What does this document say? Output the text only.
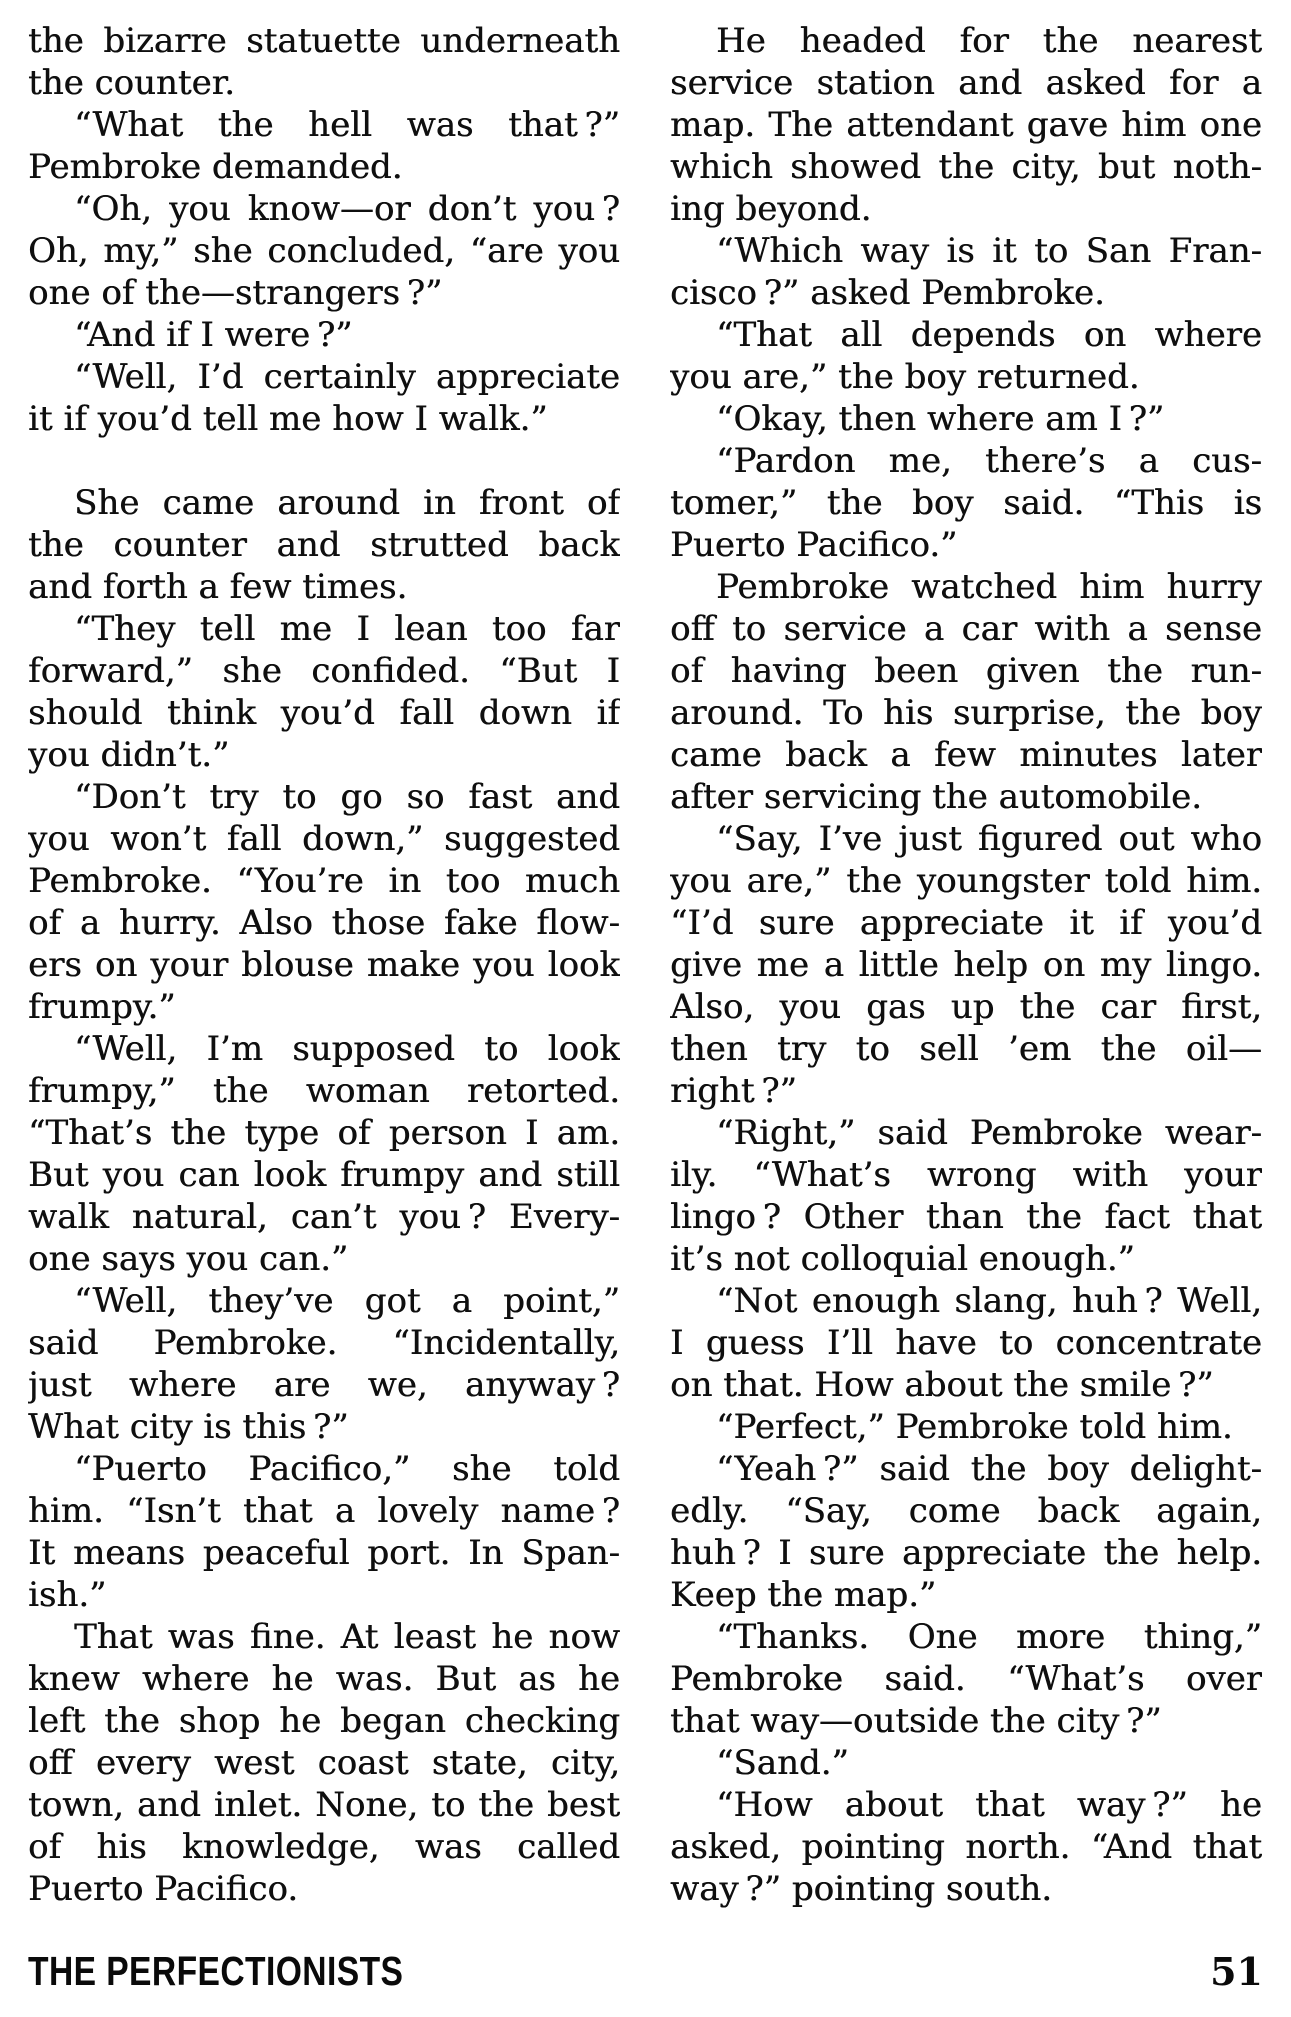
the bizarre statuette underneath
the counter.
“What the hell was that ?”
Pembroke demanded.
“Oh, you know—or don’t you ?
Oh, my,” she concluded, “are you
one of the—strangers ?”
“And if I were ?”
“Well, I’d certainly appreciate
it if you’d tell me how I walk.”
She came around in front of
the counter and strutted back
and forth a few times.
“They tell me I lean too far
forward,” she confided. “But I
should think you’d fall down if
you didn’t.”
“Don’t try to go so fast and
you won’t fall down,” suggested
Pembroke. “You’re in too much
of a hurry. Also those fake flow-
ers on your blouse make you look
frumpy.”
“Well, I’m supposed to look
frumpy,” the woman retorted.
“That’s the type of person I am.
But you can look frumpy and still
walk natural, can’t you ? Every-
one says you can.”
“Well, they’ve got a point,”
said Pembroke. “Incidentally,
just where are we, anyway ?
What city is this ?”
“Puerto Pacifico,” she told
him. “Isn’t that a lovely name ?
It means peaceful port. In Span-
ish.”
That was fine. At least he now
knew where he was. But as he
left the shop he began checking
off every west coast state, city,
town, and inlet. None, to the best
of his knowledge, was called
Puerto Pacifico.
He headed for the nearest
service station and asked for a
map. The attendant gave him one
which showed the city, but noth-
ing beyond.
“Which way is it to San Fran-
cisco ?” asked Pembroke.
“That all depends on where
you are,” the boy returned.
“Okay, then where am I ?”
“Pardon me, there’s a cus-
tomer,” the boy said. “This is
Puerto Pacifico.”
Pembroke watched him hurry
off to service a car with a sense
of having been given the run-
around. To his surprise, the boy
came back a few minutes later
after servicing the automobile.
“Say, I’ve just figured out who
you are,” the youngster told him.
“I’d sure appreciate it if you’d
give me a little help on my lingo.
Also, you gas up the car first,
then try to sell ’em the oil—
right ?”
“Right,” said Pembroke wear-
ily. “What’s wrong with your
lingo ? Other than the fact that
it’s not colloquial enough.”
“Not enough slang, huh ? Well,
I guess I’ll have to concentrate
on that. How about the smile ?”
“Perfect,” Pembroke told him.
“Yeah ?” said the boy delight-
edly. “Say, come back again,
huh ? I sure appreciate the help.
Keep the map.”
“Thanks. One more thing,”
Pembroke said. “What’s over
that way—outside the city ?”
“Sand.”
“How about that way ?” he
asked, pointing north. “And that
way ?” pointing south.
THE PERFECTIONISTS	51
